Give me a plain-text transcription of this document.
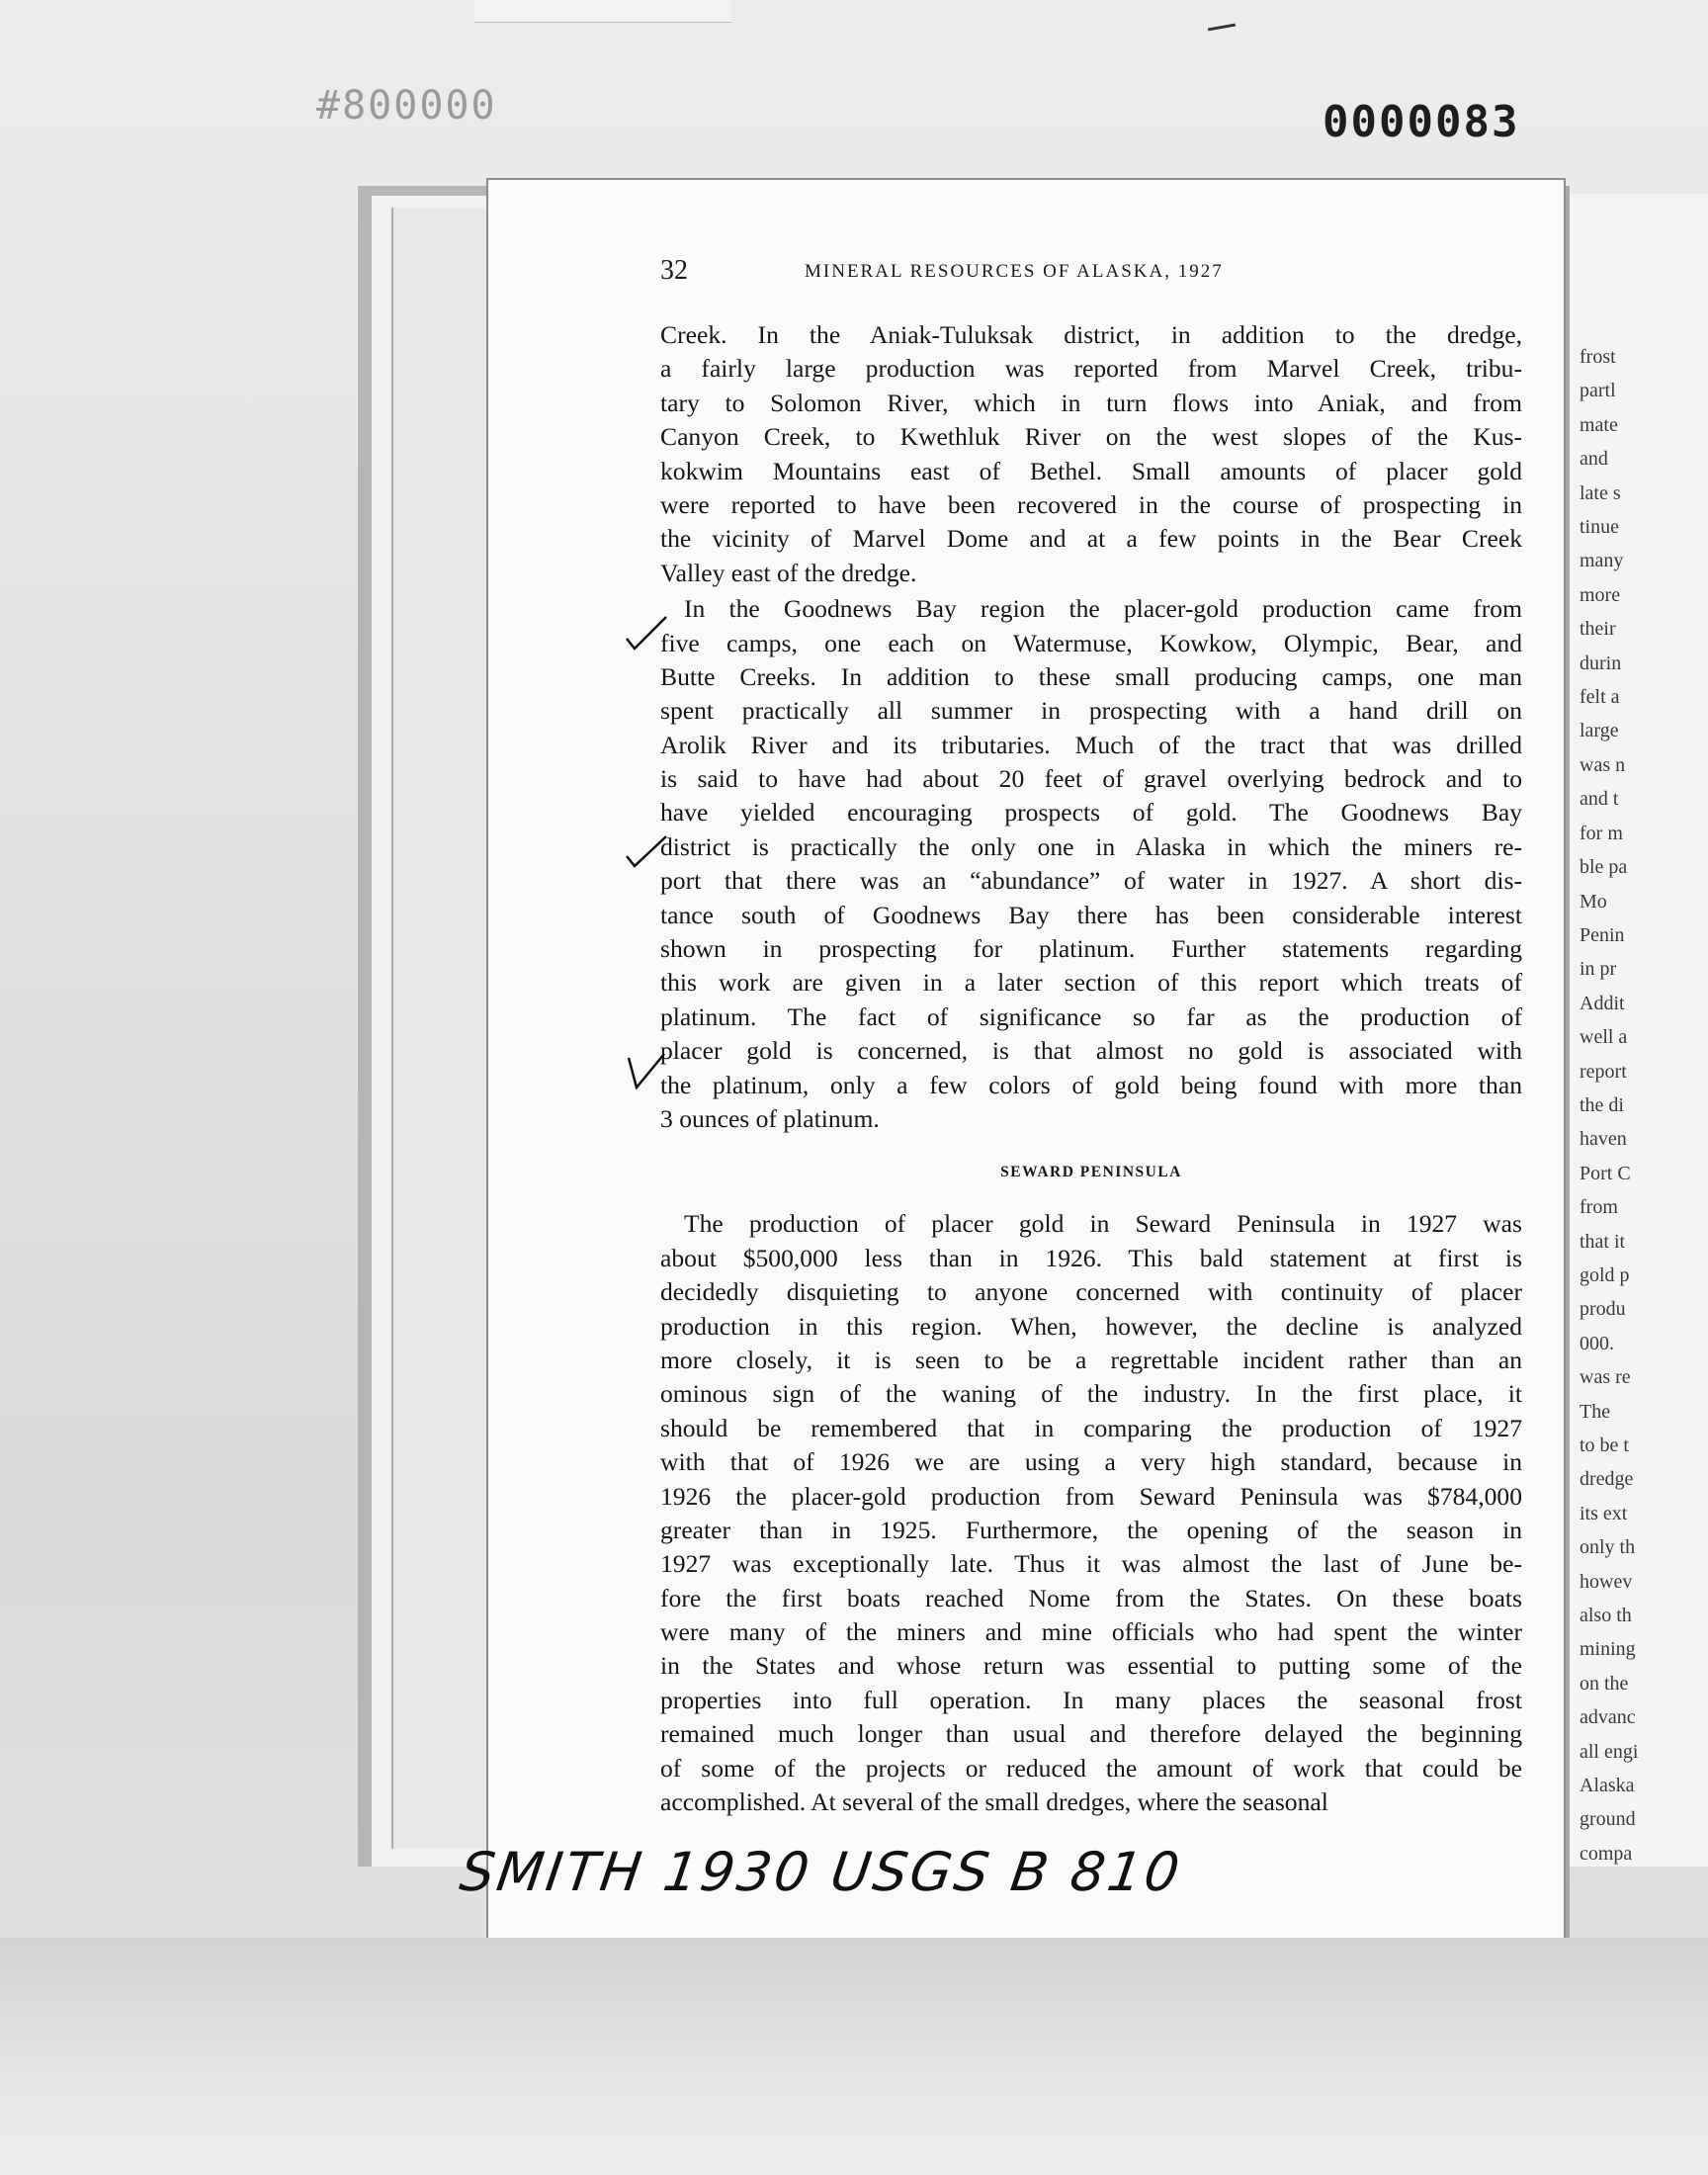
#800000	0000083
frost
partl
mate
and
late s
tinue
many
more
their
durin
felt a
large
was n
and t
for m
ble pa
Mo
Penin
in pr
Addit
well a
report
the di
haven
Port C
from
that it
gold p
produ
000.
was re
The
to be t
dredge
its ext
only th
howev
also th
mining
on the
advanc
all engi
Alaska
ground
compa
32	MINERAL RESOURCES OF ALASKA, 1927
Creek. In the Aniak-Tuluksak district, in addition to the dredge,
a fairly large production was reported from Marvel Creek, tribu-
tary to Solomon River, which in turn flows into Aniak, and from
Canyon Creek, to Kwethluk River on the west slopes of the Kus-
kokwim Mountains east of Bethel. Small amounts of placer gold
were reported to have been recovered in the course of prospecting in
the vicinity of Marvel Dome and at a few points in the Bear Creek
Valley east of the dredge.
In the Goodnews Bay region the placer-gold production came from
five camps, one each on Watermuse, Kowkow, Olympic, Bear, and
Butte Creeks. In addition to these small producing camps, one man
spent practically all summer in prospecting with a hand drill on
Arolik River and its tributaries. Much of the tract that was drilled
is said to have had about 20 feet of gravel overlying bedrock and to
have yielded encouraging prospects of gold. The Goodnews Bay
district is practically the only one in Alaska in which the miners re-
port that there was an “abundance” of water in 1927. A short dis-
tance south of Goodnews Bay there has been considerable interest
shown in prospecting for platinum. Further statements regarding
this work are given in a later section of this report which treats of
platinum. The fact of significance so far as the production of
placer gold is concerned, is that almost no gold is associated with
the platinum, only a few colors of gold being found with more than
3 ounces of platinum.
SEWARD PENINSULA
The production of placer gold in Seward Peninsula in 1927 was
about $500,000 less than in 1926. This bald statement at first is
decidedly disquieting to anyone concerned with continuity of placer
production in this region. When, however, the decline is analyzed
more closely, it is seen to be a regrettable incident rather than an
ominous sign of the waning of the industry. In the first place, it
should be remembered that in comparing the production of 1927
with that of 1926 we are using a very high standard, because in
1926 the placer-gold production from Seward Peninsula was $784,000
greater than in 1925. Furthermore, the opening of the season in
1927 was exceptionally late. Thus it was almost the last of June be-
fore the first boats reached Nome from the States. On these boats
were many of the miners and mine officials who had spent the winter
in the States and whose return was essential to putting some of the
properties into full operation. In many places the seasonal frost
remained much longer than usual and therefore delayed the beginning
of some of the projects or reduced the amount of work that could be
accomplished. At several of the small dredges, where the seasonal
SMITH 1930 USGS B 810
